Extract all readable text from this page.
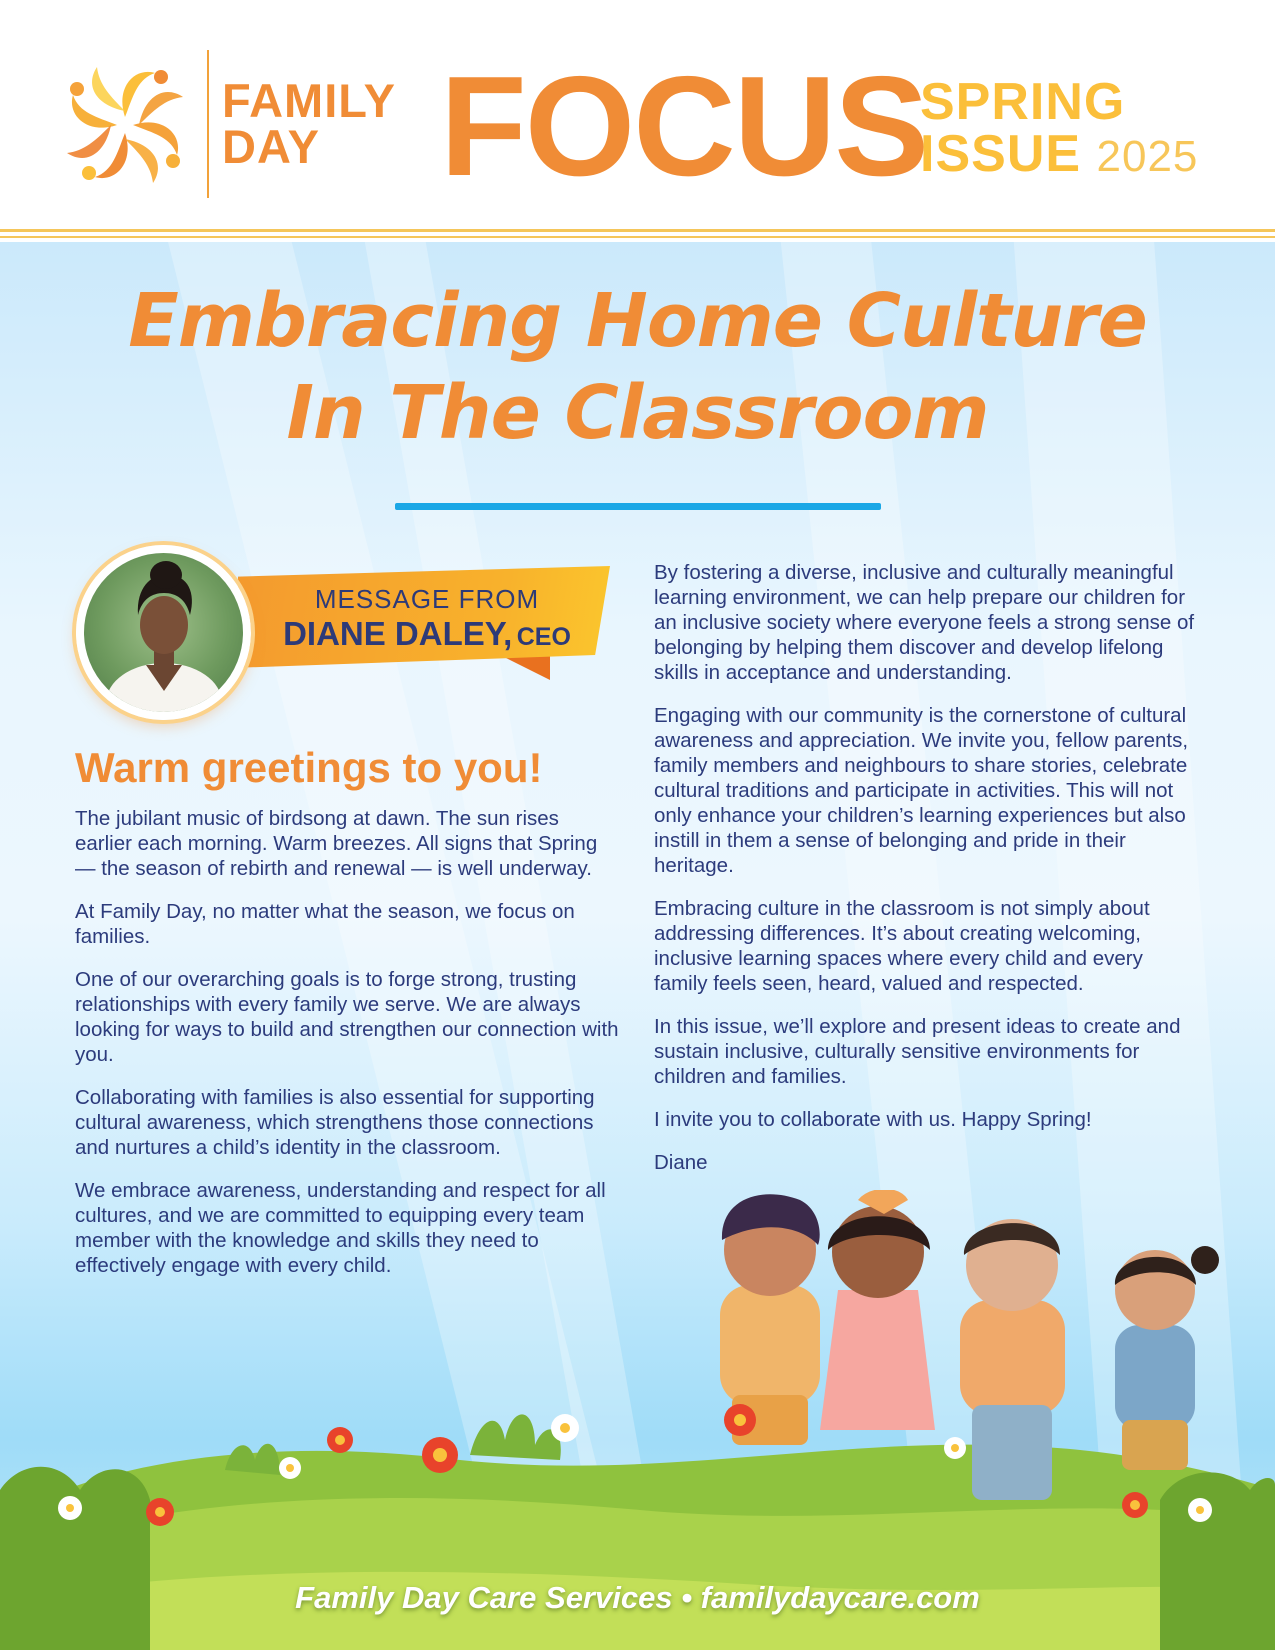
FAMILY
DAY FOCUS
SPRING
ISSUE 2025
Embracing Home Culture
In The Classroom
MESSAGE FROM
DIANE DALEY, CEO
Warm greetings to you!

The jubilant music of birdsong at dawn. The sun rises earlier each morning. Warm breezes. All signs that Spring — the season of rebirth and renewal — is well underway.

At Family Day, no matter what the season, we focus on families.

One of our overarching goals is to forge strong, trusting relationships with every family we serve. We are always looking for ways to build and strengthen our connection with you.

Collaborating with families is also essential for supporting cultural awareness, which strengthens those connections and nurtures a child’s identity in the classroom.

We embrace awareness, understanding and respect for all cultures, and we are committed to equipping every team member with the knowledge and skills they need to effectively engage with every child.

By fostering a diverse, inclusive and culturally meaningful learning environment, we can help prepare our children for an inclusive society where everyone feels a strong sense of belonging by helping them discover and develop lifelong skills in acceptance and understanding.

Engaging with our community is the cornerstone of cultural awareness and appreciation. We invite you, fellow parents, family members and neighbours to share stories, celebrate cultural traditions and participate in activities. This will not only enhance your children’s learning experiences but also instill in them a sense of belonging and pride in their heritage.

Embracing culture in the classroom is not simply about addressing differences. It’s about creating welcoming, inclusive learning spaces where every child and every family feels seen, heard, valued and respected.

In this issue, we’ll explore and present ideas to create and sustain inclusive, culturally sensitive environments for children and families.

I invite you to collaborate with us. Happy Spring!

Diane

Family Day Care Services • familydaycare.com
